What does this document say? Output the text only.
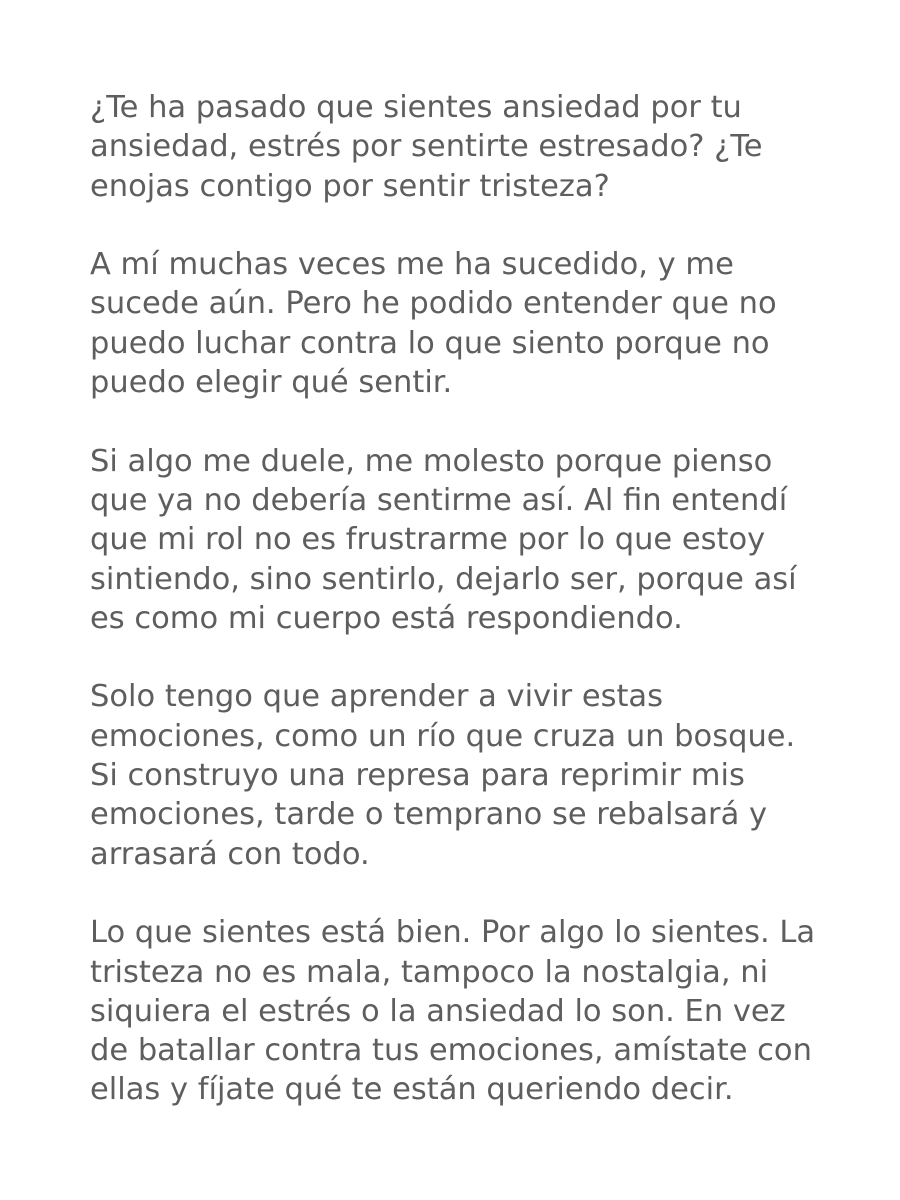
¿Te ha pasado que sientes ansiedad por tu
ansiedad, estrés por sentirte estresado? ¿Te
enojas contigo por sentir tristeza?

A mí muchas veces me ha sucedido, y me
sucede aún. Pero he podido entender que no
puedo luchar contra lo que siento porque no
puedo elegir qué sentir.

Si algo me duele, me molesto porque pienso
que ya no debería sentirme así. Al fin entendí
que mi rol no es frustrarme por lo que estoy
sintiendo, sino sentirlo, dejarlo ser, porque así
es como mi cuerpo está respondiendo.

Solo tengo que aprender a vivir estas
emociones, como un río que cruza un bosque.
Si construyo una represa para reprimir mis
emociones, tarde o temprano se rebalsará y
arrasará con todo.

Lo que sientes está bien. Por algo lo sientes. La
tristeza no es mala, tampoco la nostalgia, ni
siquiera el estrés o la ansiedad lo son. En vez
de batallar contra tus emociones, amístate con
ellas y fíjate qué te están queriendo decir.
